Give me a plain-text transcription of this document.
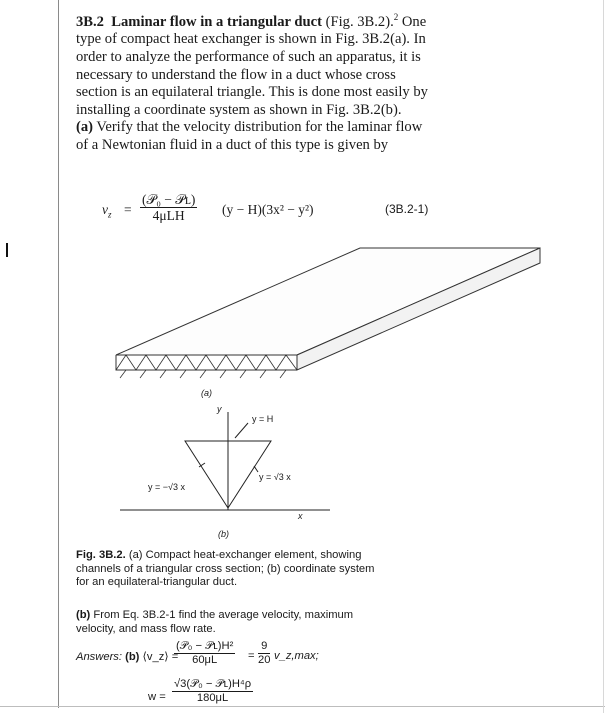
3B.2 Laminar flow in a triangular duct (Fig. 3B.2).$^2$ One type of compact heat exchanger is shown in Fig. 3B.2(a). In order to analyze the performance of such an apparatus, it is necessary to understand the flow in a duct whose cross section is an equilateral triangle. This is done most easily by installing a coordinate system as shown in Fig. 3B.2(b).

(a) Verify that the velocity distribution for the laminar flow of a Newtonian fluid in a duct of this type is given by

$v_z$ =
(𝒫₀ − 𝒫ʟ)
4μLH	(y − H)(3x² − y²)	(3B.2-1)
(a)
y
y = H
y = −√3 x
y = √3 x
x
(b)
Fig. 3B.2. (a) Compact heat-exchanger element, showing channels of a triangular cross section; (b) coordinate system for an equilateral-triangular duct.
(b) From Eq. 3B.2-1 find the average velocity, maximum velocity, and mass flow rate.
Answers: (b) ⟨v_z⟩ =
(𝒫₀ − 𝒫ʟ)H²
60μL	= $\frac{9}{20}$ v_z,max;
w =
√3(𝒫₀ − 𝒫ʟ)H⁴ρ
180μL
